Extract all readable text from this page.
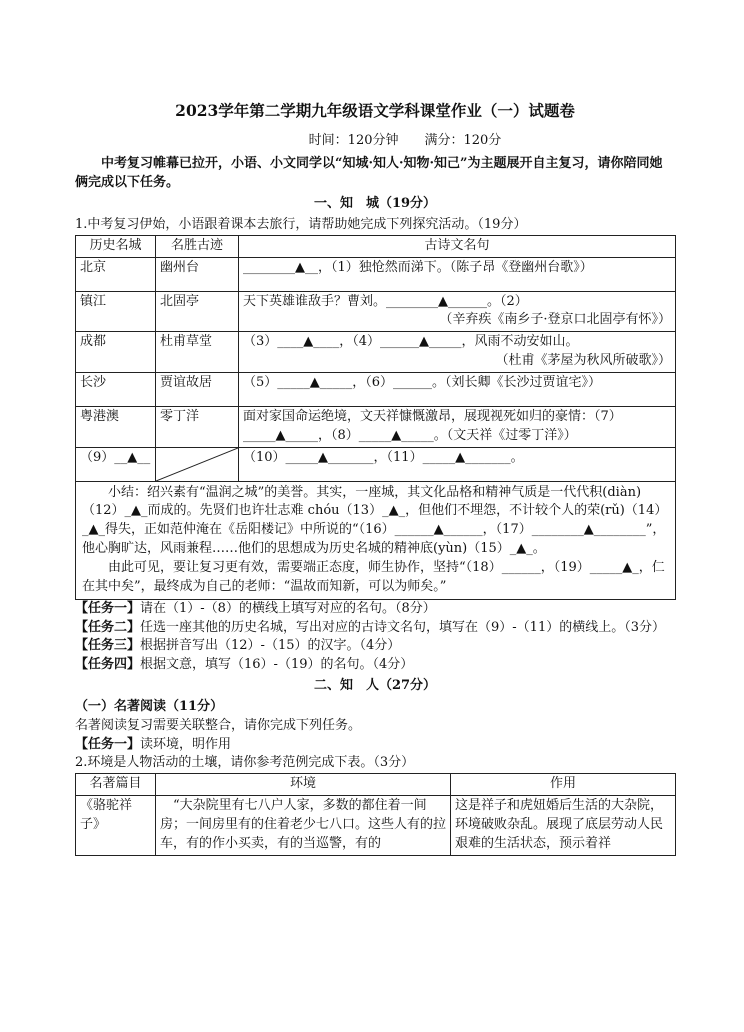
2023学年第二学期九年级语文学科课堂作业（一）试题卷
时间：120分钟　　满分：120分

中考复习帷幕已拉开，小语、小文同学以“知城·知人·知物·知己”为主题展开自主复习，请你陪同她俩完成以下任务。

一、知　城（19分）

1.中考复习伊始，小语跟着课本去旅行，请帮助她完成下列探究活动。（19分）

历史名城	名胜古迹	古诗文名句
北京	幽州台	________▲__，（1）独怆然而涕下。（陈子昂《登幽州台歌》）
镇江	北固亭	天下英雄谁敌手？曹刘。________▲______。（2）
（辛弃疾《南乡子·登京口北固亭有怀》）

成都	杜甫草堂	（3）____▲____，（4）______▲_____，风雨不动安如山。
（杜甫《茅屋为秋风所破歌》）

长沙	贾谊故居	（5）_____▲_____，（6）______。（刘长卿《长沙过贾谊宅》）
粤港澳	零丁洋	面对家国命运绝境，文天祥慷慨激昂，展现视死如归的豪情：（7）_____▲_____，（8）_____▲_____。（文天祥《过零丁洋》）
（9）__▲__		（10）_____▲_______，（11）_____▲_______。

小结：绍兴素有“温润之城”的美誉。其实，一座城，其文化品格和精神气质是一代代积(diàn)（12）_▲_而成的。先贤们也许壮志难 chóu（13）_▲_，但他们不埋怨，不计较个人的荣(rǔ)（14）_▲_得失，正如范仲淹在《岳阳楼记》中所说的“（16）______▲______，（17）________▲________”，他心胸旷达，风雨兼程……他们的思想成为历史名城的精神底(yùn)（15）_▲_。
由此可见，要让复习更有效，需要端正态度，师生协作，坚持“（18）______，（19）_____▲_，仁在其中矣”，最终成为自己的老师：“温故而知新，可以为师矣。”		

【任务一】请在（1）-（8）的横线上填写对应的名句。（8分）

【任务二】任选一座其他的历史名城，写出对应的古诗文名句，填写在（9）-（11）的横线上。（3分）

【任务三】根据拼音写出（12）-（15）的汉字。（4分）

【任务四】根据文意，填写（16）-（19）的名句。（4分）

二、知　人（27分）

（一）名著阅读（11分）

名著阅读复习需要关联整合，请你完成下列任务。

【任务一】读环境，明作用

2.环境是人物活动的土壤，请你参考范例完成下表。（3分）

名著篇目	环境	作用
《骆驼祥子》	“大杂院里有七八户人家，多数的都住着一间房；一间房里有的住着老少七八口。这些人有的拉车，有的作小买卖，有的当巡警，有的	这是祥子和虎妞婚后生活的大杂院，环境破败杂乱。展现了底层劳动人民艰难的生活状态，预示着祥
